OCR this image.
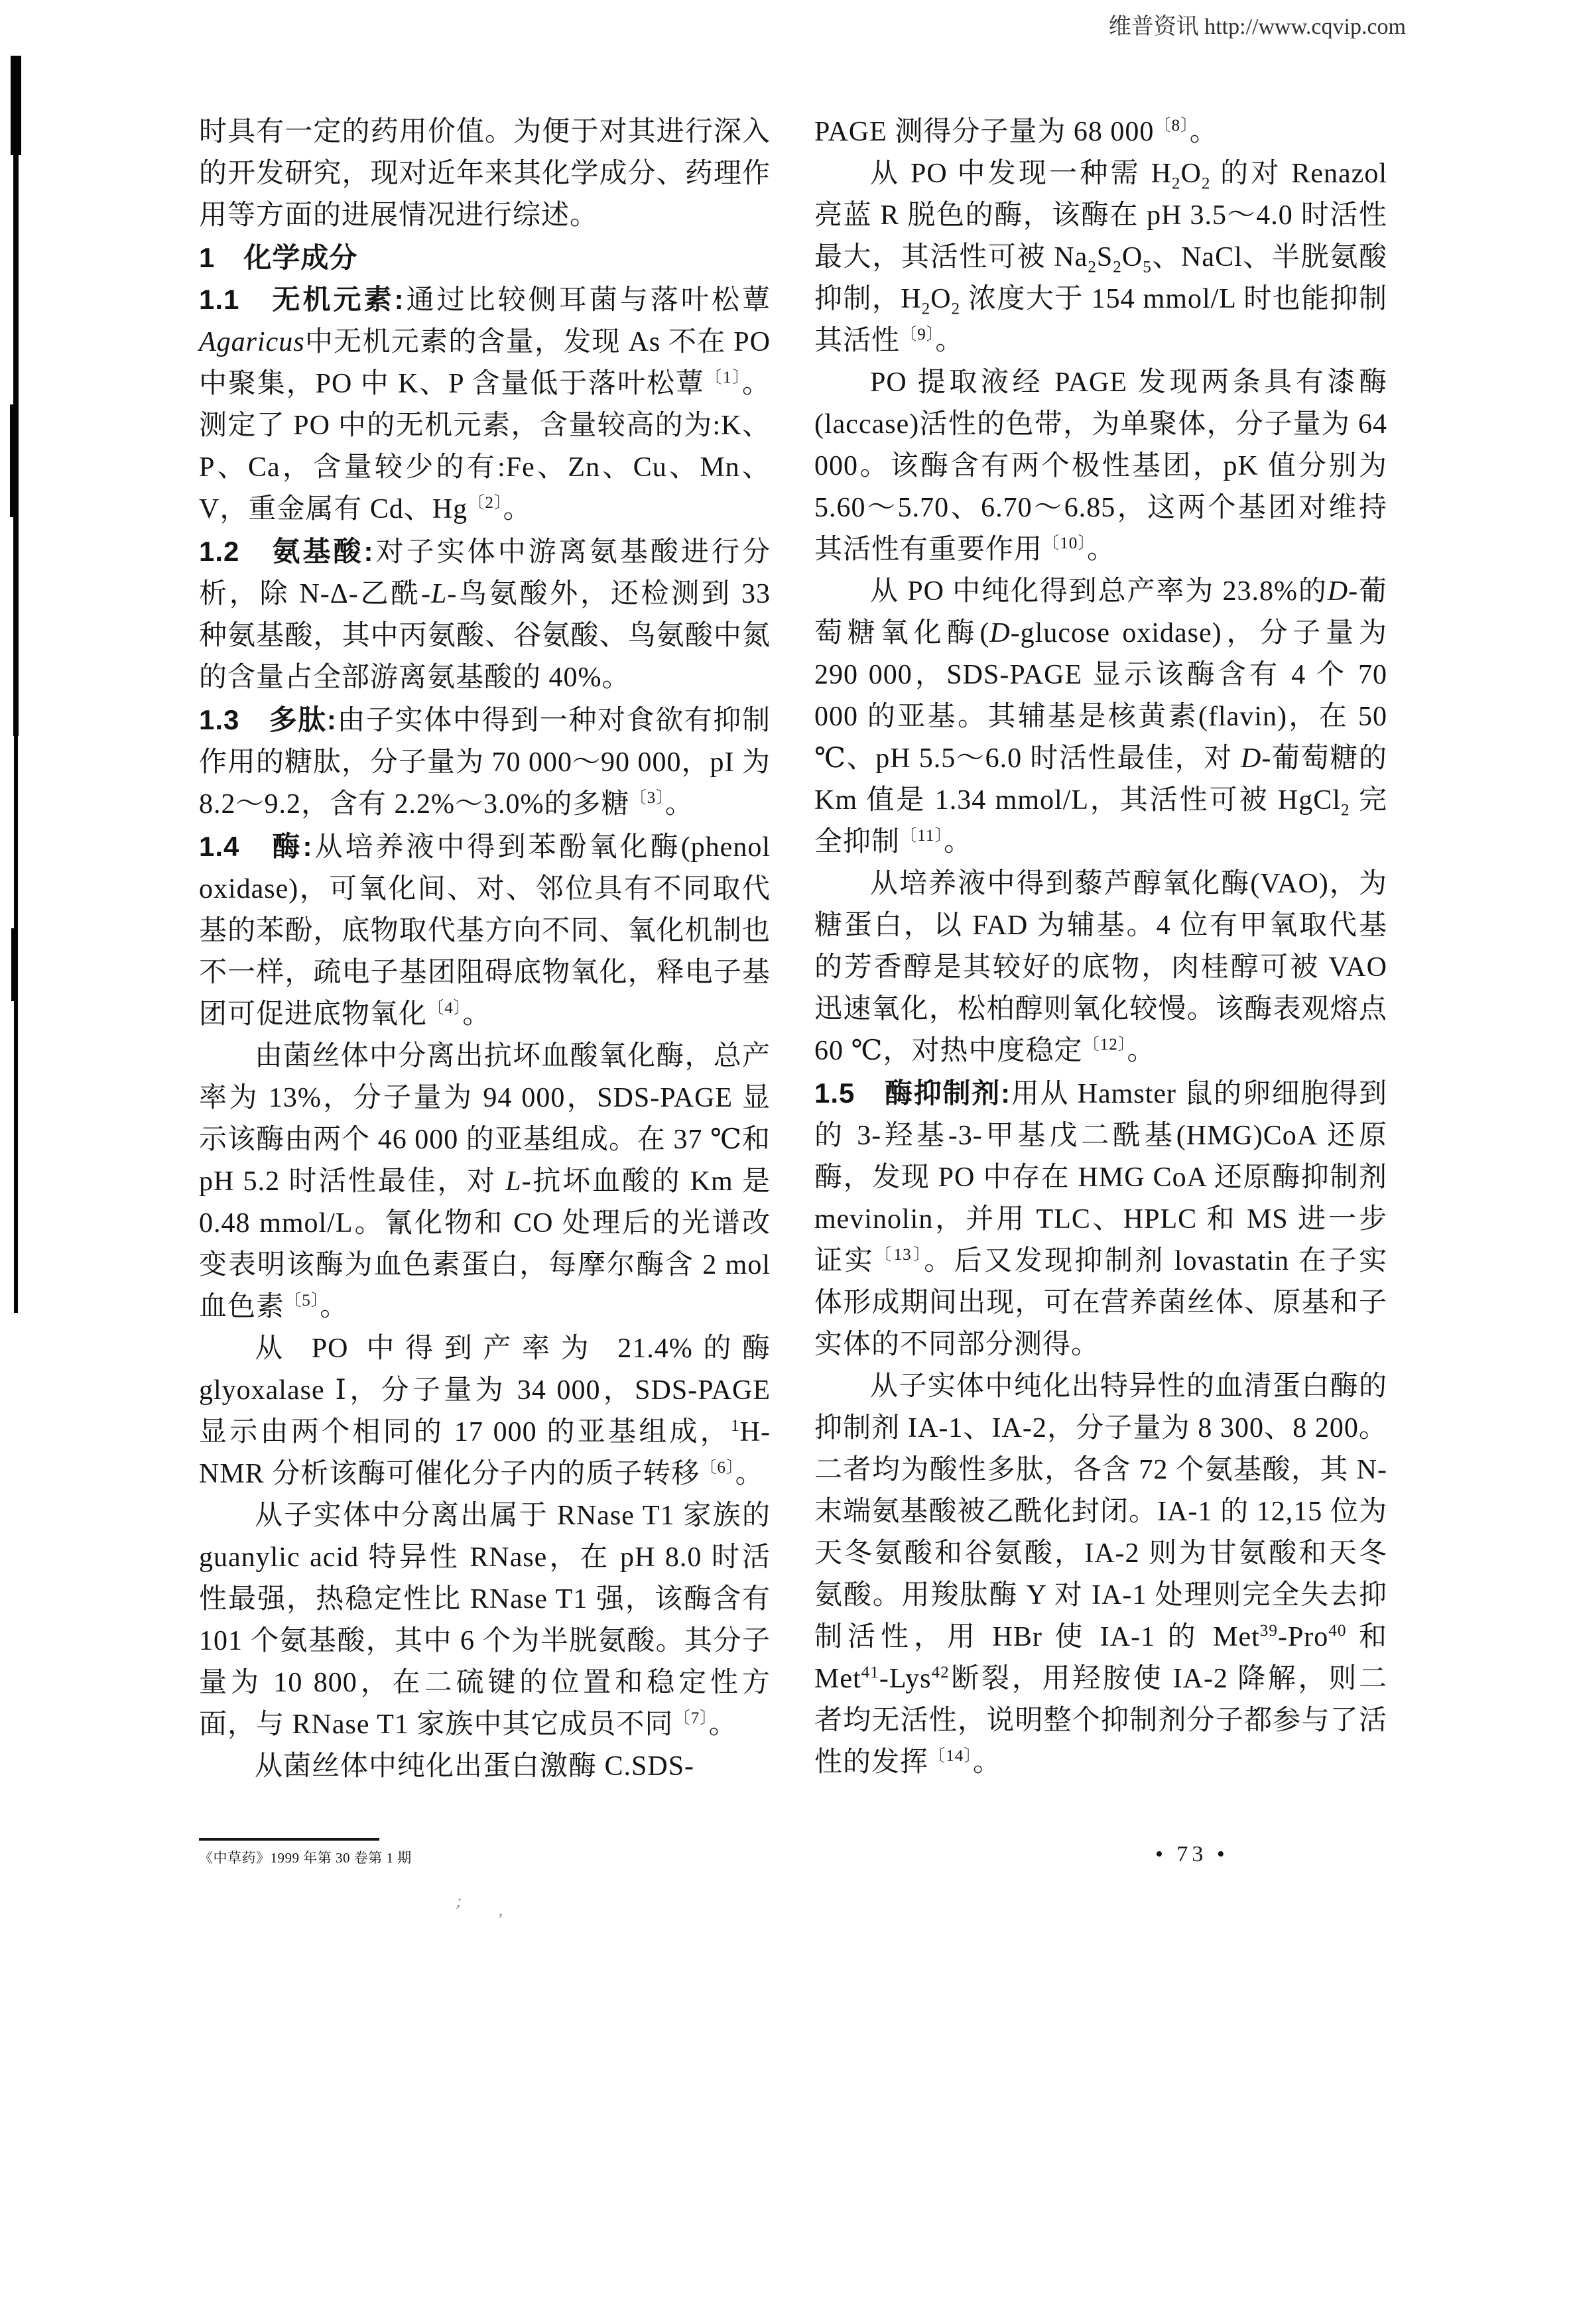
维普资讯 http://www.cqvip.com

时具有一定的药用价值。为便于对其进行深入的开发研究，现对近年来其化学成分、药理作用等方面的进展情况进行综述。

1　化学成分

1.1　无机元素:通过比较侧耳菌与落叶松蕈Agaricus中无机元素的含量，发现 As 不在 PO 中聚集，PO 中 K、P 含量低于落叶松蕈$^{〔1〕}$。测定了 PO 中的无机元素，含量较高的为:K、P、Ca，含量较少的有:Fe、Zn、Cu、Mn、V，重金属有 Cd、$Hg^{〔2〕}$。

1.2　氨基酸:对子实体中游离氨基酸进行分析，除 N-Δ-乙酰-L-鸟氨酸外，还检测到 33 种氨基酸，其中丙氨酸、谷氨酸、鸟氨酸中氮的含量占全部游离氨基酸的 40%。

1.3　多肽:由子实体中得到一种对食欲有抑制作用的糖肽，分子量为 70 000～90 000，pI 为 8.2～9.2，含有 2.2%～3.0%的多糖$^{〔3〕}$。

1.4　酶:从培养液中得到苯酚氧化酶(phenol oxidase)，可氧化间、对、邻位具有不同取代基的苯酚，底物取代基方向不同、氧化机制也不一样，疏电子基团阻碍底物氧化，释电子基团可促进底物氧化$^{〔4〕}$。

由菌丝体中分离出抗坏血酸氧化酶，总产率为 13%，分子量为 94 000，SDS-PAGE 显示该酶由两个 46 000 的亚基组成。在 37 ℃和 pH 5.2 时活性最佳，对 L-抗坏血酸的 Km 是 0.48 mmol/L。氰化物和 CO 处理后的光谱改变表明该酶为血色素蛋白，每摩尔酶含 2 mol 血色素$^{〔5〕}$。

从 PO 中得到产率为 21.4%的酶glyoxalase Ⅰ，分子量为 34 000，SDS-PAGE 显示由两个相同的 17 000 的亚基组成，$^1$H-NMR 分析该酶可催化分子内的质子转移$^{〔6〕}$。

从子实体中分离出属于 RNase T1 家族的 guanylic acid 特异性 RNase，在 pH 8.0 时活性最强，热稳定性比 RNase T1 强，该酶含有 101 个氨基酸，其中 6 个为半胱氨酸。其分子量为 10 800，在二硫键的位置和稳定性方面，与 RNase T1 家族中其它成员不同$^{〔7〕}$。

从菌丝体中纯化出蛋白激酶 C.SDS-

PAGE 测得分子量为 68 $000^{〔8〕}$。

从 PO 中发现一种需 $H_2O_2$ 的对 Renazol 亮蓝 R 脱色的酶，该酶在 pH 3.5～4.0 时活性最大，其活性可被 $Na_2S_2O_5$、NaCl、半胱氨酸抑制，$H_2O_2$ 浓度大于 154 mmol/L 时也能抑制其活性$^{〔9〕}$。

PO 提取液经 PAGE 发现两条具有漆酶(laccase)活性的色带，为单聚体，分子量为 64 000。该酶含有两个极性基团，pK 值分别为 5.60～5.70、6.70～6.85，这两个基团对维持其活性有重要作用$^{〔10〕}$。

从 PO 中纯化得到总产率为 23.8%的D-葡萄糖氧化酶(D-glucose oxidase)，分子量为 290 000，SDS-PAGE 显示该酶含有 4 个 70 000 的亚基。其辅基是核黄素(flavin)，在 50 ℃、pH 5.5～6.0 时活性最佳，对 D-葡萄糖的 Km 值是 1.34 mmol/L，其活性可被 HgCl$_2$ 完全抑制$^{〔11〕}$。

从培养液中得到藜芦醇氧化酶(VAO)，为糖蛋白，以 FAD 为辅基。4 位有甲氧取代基的芳香醇是其较好的底物，肉桂醇可被 VAO 迅速氧化，松柏醇则氧化较慢。该酶表观熔点 60 ℃，对热中度稳定$^{〔12〕}$。

1.5　酶抑制剂:用从 Hamster 鼠的卵细胞得到的 3-羟基-3-甲基戊二酰基(HMG)CoA 还原酶，发现 PO 中存在 HMG CoA 还原酶抑制剂 mevinolin，并用 TLC、HPLC 和 MS 进一步证实$^{〔13〕}$。后又发现抑制剂 lovastatin 在子实体形成期间出现，可在营养菌丝体、原基和子实体的不同部分测得。

从子实体中纯化出特异性的血清蛋白酶的抑制剂 IA-1、IA-2，分子量为 8 300、8 200。二者均为酸性多肽，各含 72 个氨基酸，其 N-末端氨基酸被乙酰化封闭。IA-1 的 12,15 位为天冬氨酸和谷氨酸，IA-2 则为甘氨酸和天冬氨酸。用羧肽酶 Y 对 IA-1 处理则完全失去抑制活性，用 HBr 使 IA-1 的 Met$^{39}$-Pro$^{40}$ 和 Met$^{41}$-Lys$^{42}$断裂，用羟胺使 IA-2 降解，则二者均无活性，说明整个抑制剂分子都参与了活性的发挥$^{〔14〕}$。

《中草药》1999 年第 30 卷第 1 期	• 73 •
; ,
